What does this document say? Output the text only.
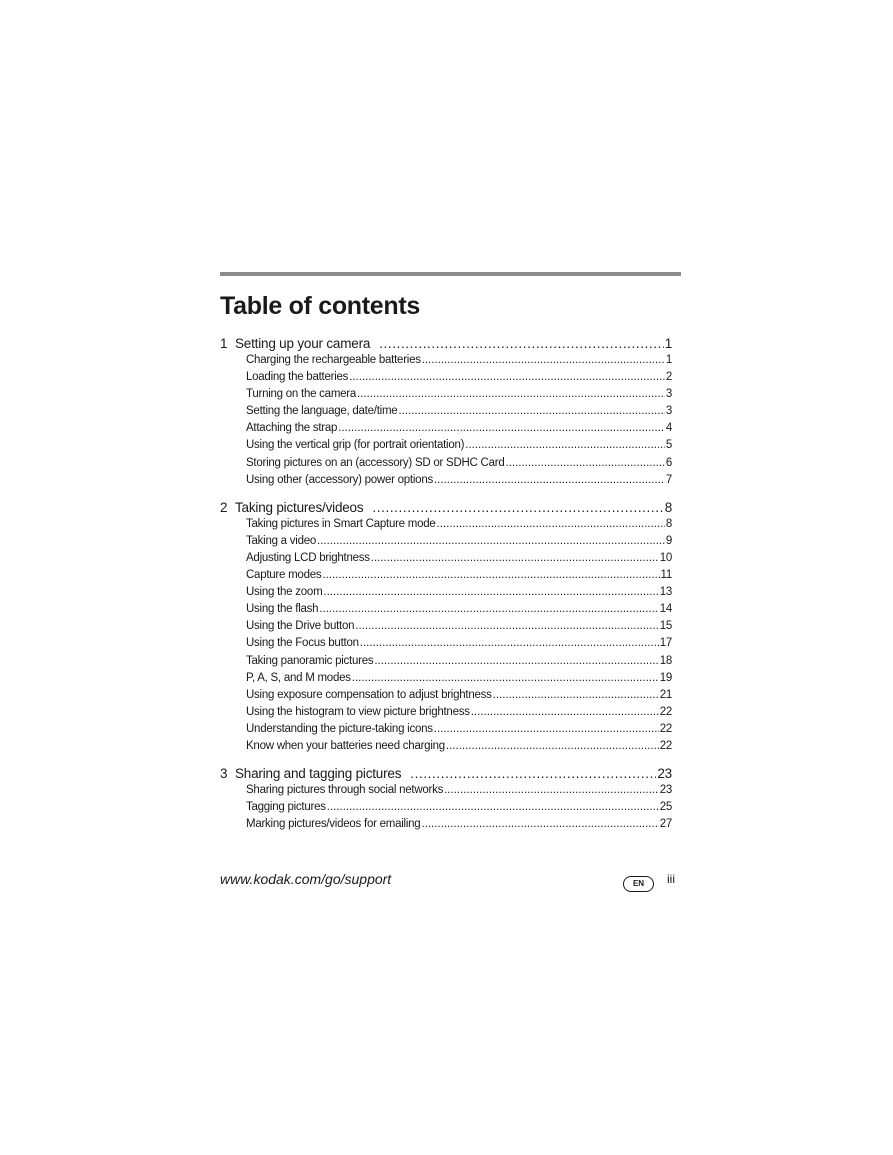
Table of contents
1 Setting up your camera .....	1
Charging the rechargeable batteries .....	1
Loading the batteries .....	2
Turning on the camera .....	3
Setting the language, date/time .....	3
Attaching the strap .....	4
Using the vertical grip (for portrait orientation) .....	5
Storing pictures on an (accessory) SD or SDHC Card .....	6
Using other (accessory) power options .....	7
2 Taking pictures/videos .....	8
Taking pictures in Smart Capture mode .....	8
Taking a video .....	9
Adjusting LCD brightness .....	10
Capture modes .....	11
Using the zoom .....	13
Using the flash .....	14
Using the Drive button .....	15
Using the Focus button .....	17
Taking panoramic pictures .....	18
P, A, S, and M modes .....	19
Using exposure compensation to adjust brightness .....	21
Using the histogram to view picture brightness .....	22
Understanding the picture-taking icons .....	22
Know when your batteries need charging .....	22
3 Sharing and tagging pictures .....	23
Sharing pictures through social networks .....	23
Tagging pictures .....	25
Marking pictures/videos for emailing .....	27
www.kodak.com/go/support	EN	iii
